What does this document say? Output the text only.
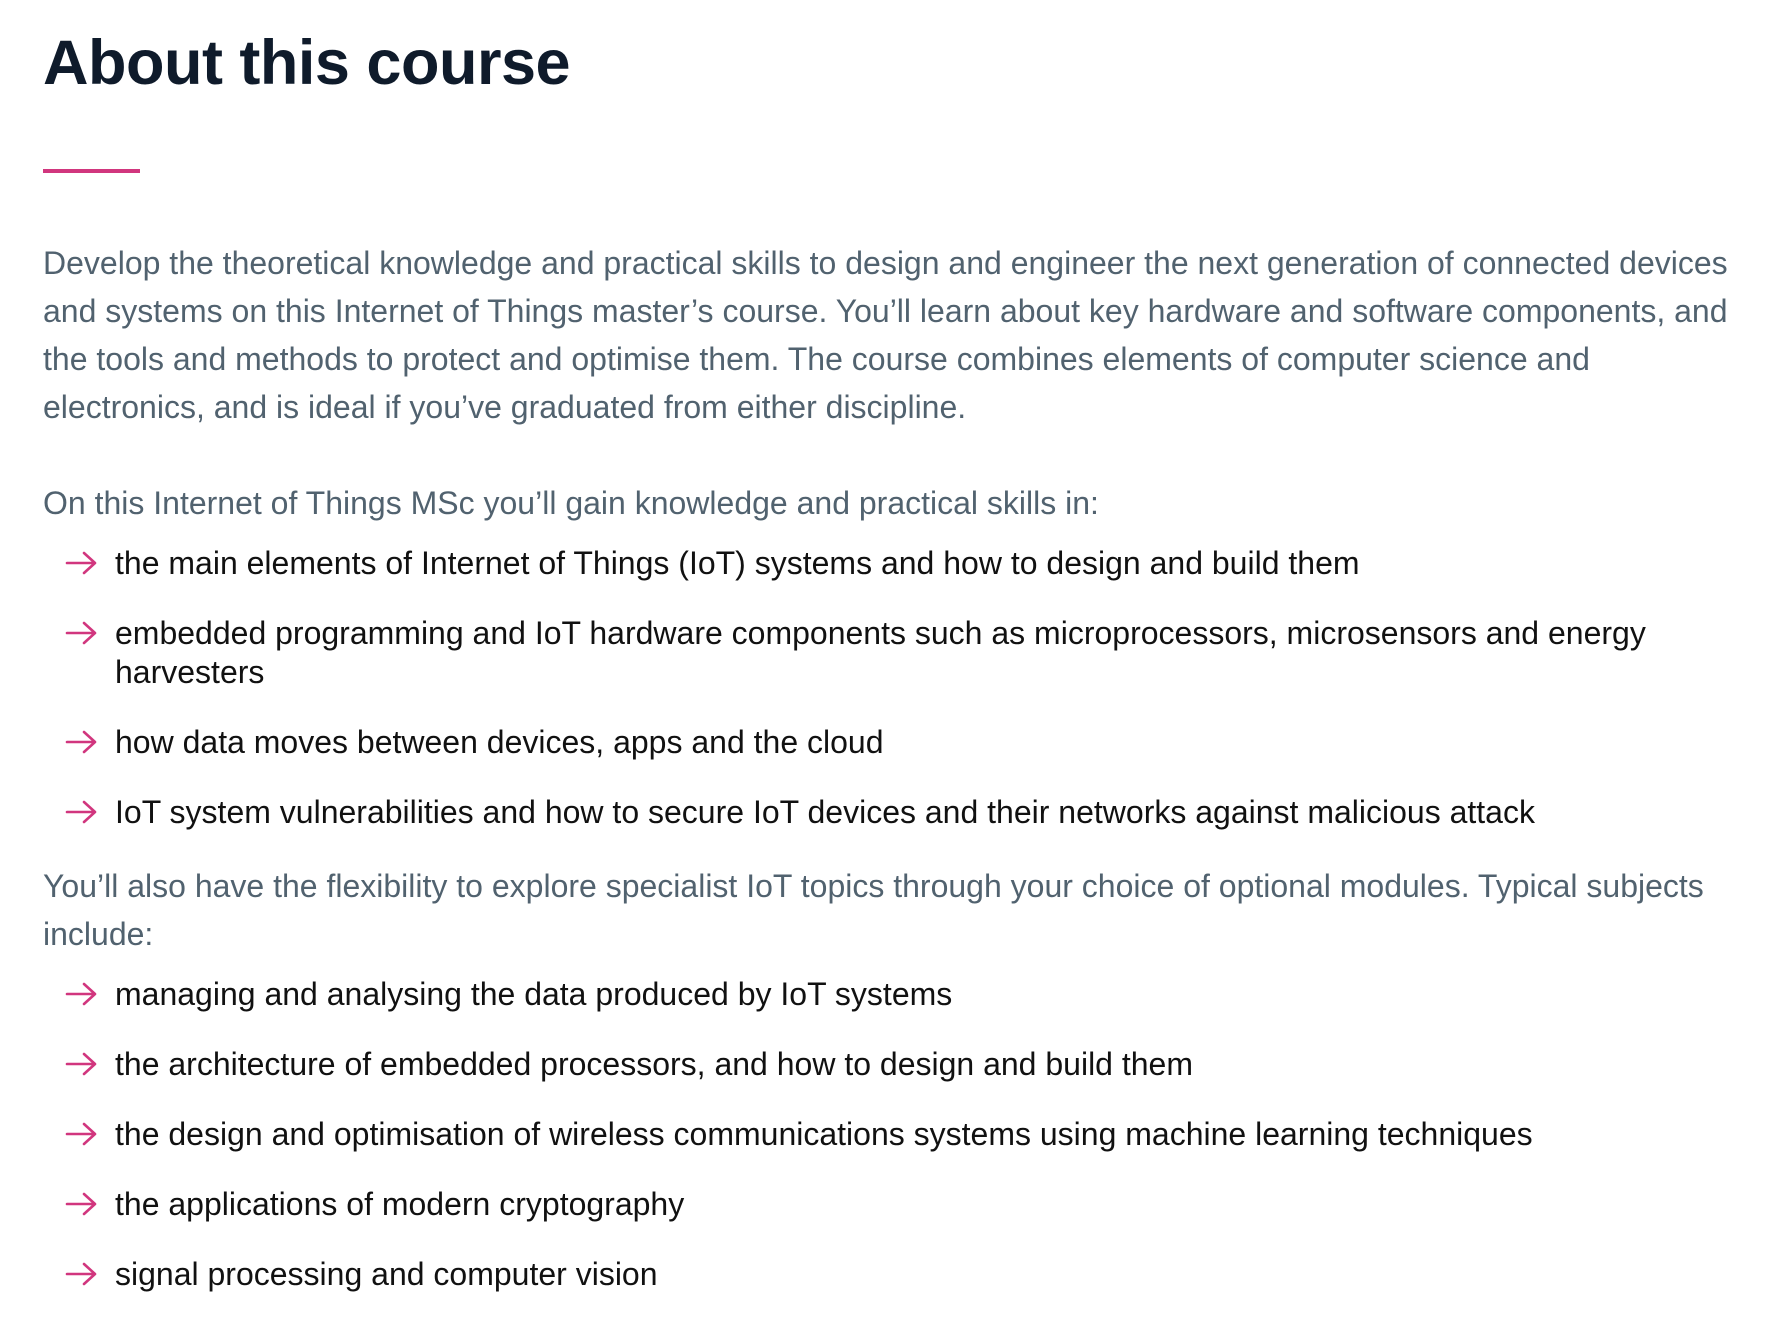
About this course

Develop the theoretical knowledge and practical skills to design and engineer the next generation of connected devices and systems on this Internet of Things master’s course. You’ll learn about key hardware and software components, and the tools and methods to protect and optimise them. The course combines elements of computer science and electronics, and is ideal if you’ve graduated from either discipline.

On this Internet of Things MSc you’ll gain knowledge and practical skills in:

the main elements of Internet of Things (IoT) systems and how to design and build them
embedded programming and IoT hardware components such as microprocessors, microsensors and energy harvesters
how data moves between devices, apps and the cloud
IoT system vulnerabilities and how to secure IoT devices and their networks against malicious attack

You’ll also have the flexibility to explore specialist IoT topics through your choice of optional modules. Typical subjects include:

managing and analysing the data produced by IoT systems
the architecture of embedded processors, and how to design and build them
the design and optimisation of wireless communications systems using machine learning techniques
the applications of modern cryptography
signal processing and computer vision
